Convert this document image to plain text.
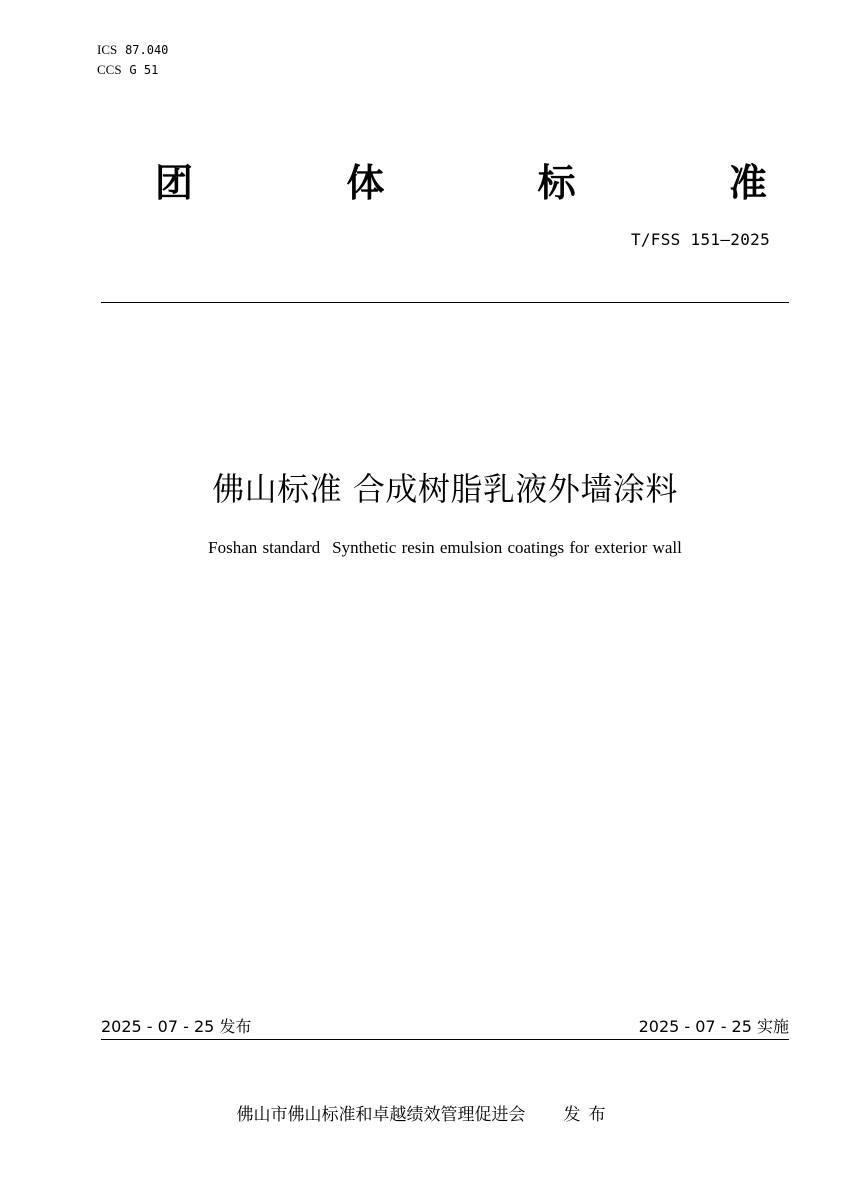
ICS 87.040
CCS G 51
团	体	标	准
T/FSS 151—2025
佛山标准 合成树脂乳液外墙涂料
Foshan standard Synthetic resin emulsion coatings for exterior wall
2025 - 07 - 25 发布	2025 - 07 - 25 实施
佛山市佛山标准和卓越绩效管理促进会 发布
